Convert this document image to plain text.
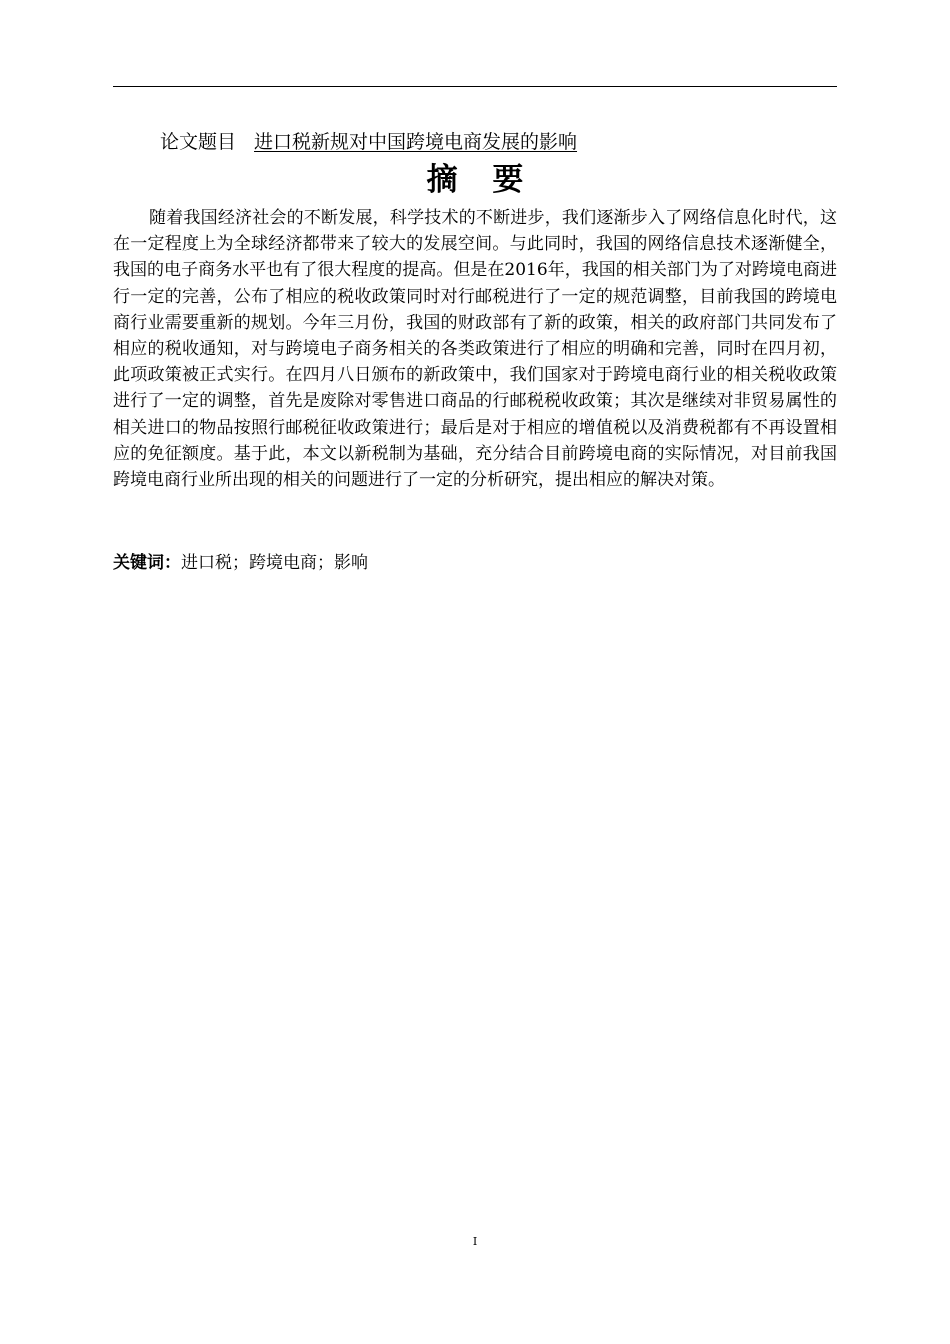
论文题目 进口税新规对中国跨境电商发展的影响
摘 要

随着我国经济社会的不断发展，科学技术的不断进步，我们逐渐步入了网络信息化时代，这在一定程度上为全球经济都带来了较大的发展空间。与此同时，我国的网络信息技术逐渐健全，我国的电子商务水平也有了很大程度的提高。但是在2016年，我国的相关部门为了对跨境电商进行一定的完善，公布了相应的税收政策同时对行邮税进行了一定的规范调整，目前我国的跨境电商行业需要重新的规划。今年三月份，我国的财政部有了新的政策，相关的政府部门共同发布了相应的税收通知，对与跨境电子商务相关的各类政策进行了相应的明确和完善，同时在四月初，此项政策被正式实行。在四月八日颁布的新政策中，我们国家对于跨境电商行业的相关税收政策进行了一定的调整，首先是废除对零售进口商品的行邮税税收政策；其次是继续对非贸易属性的相关进口的物品按照行邮税征收政策进行；最后是对于相应的增值税以及消费税都有不再设置相应的免征额度。基于此，本文以新税制为基础，充分结合目前跨境电商的实际情况，对目前我国跨境电商行业所出现的相关的问题进行了一定的分析研究，提出相应的解决对策。

关键词：进口税；跨境电商；影响
I
